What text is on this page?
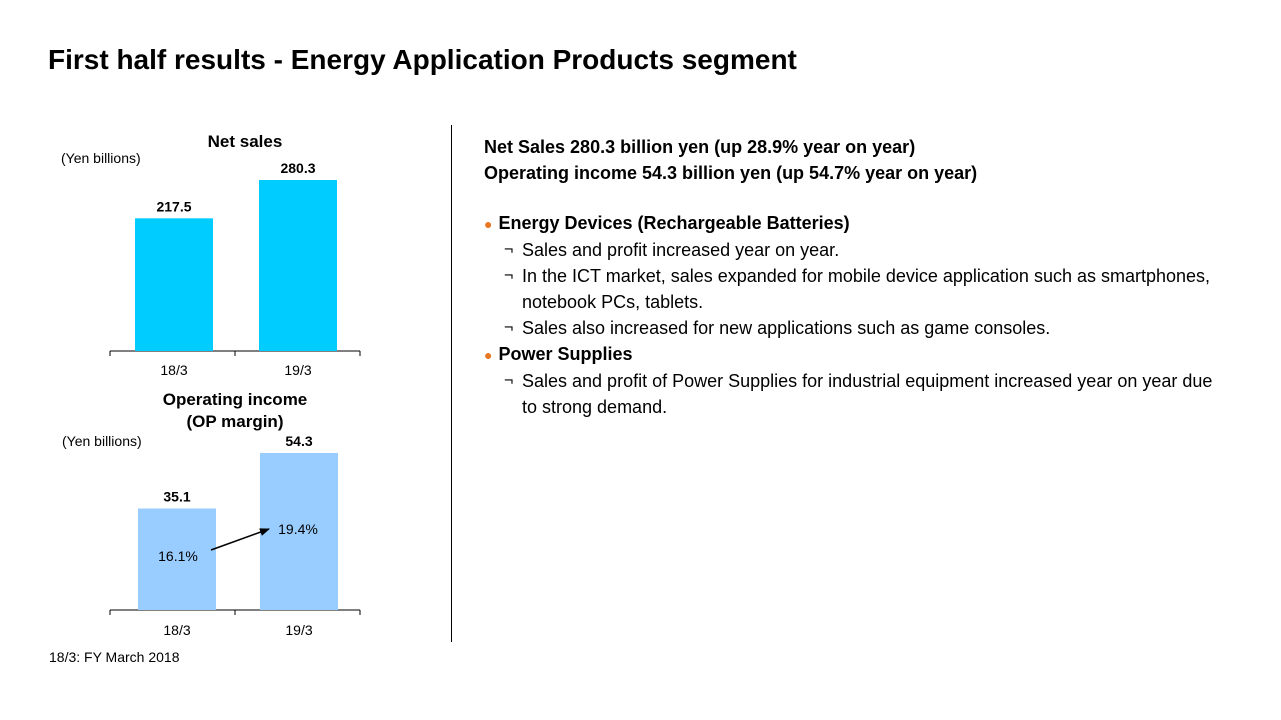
First half results - Energy Application Products segment
Net sales
(Yen billions)
217.5
18/3
280.3
19/3
Operating income
(OP margin)
(Yen billions)
35.1
18/3
54.3
19/3
16.1%
19.4%
18/3: FY March 2018
Net Sales 280.3 billion yen (up 28.9% year on year)
Operating income 54.3 billion yen (up 54.7% year on year)
● Energy Devices (Rechargeable Batteries)
¬ Sales and profit increased year on year.
¬ In the ICT market, sales expanded for mobile device application such as smartphones, notebook PCs, tablets.
¬ Sales also increased for new applications such as game consoles.
● Power Supplies
¬ Sales and profit of Power Supplies for industrial equipment increased year on year due to strong demand.
